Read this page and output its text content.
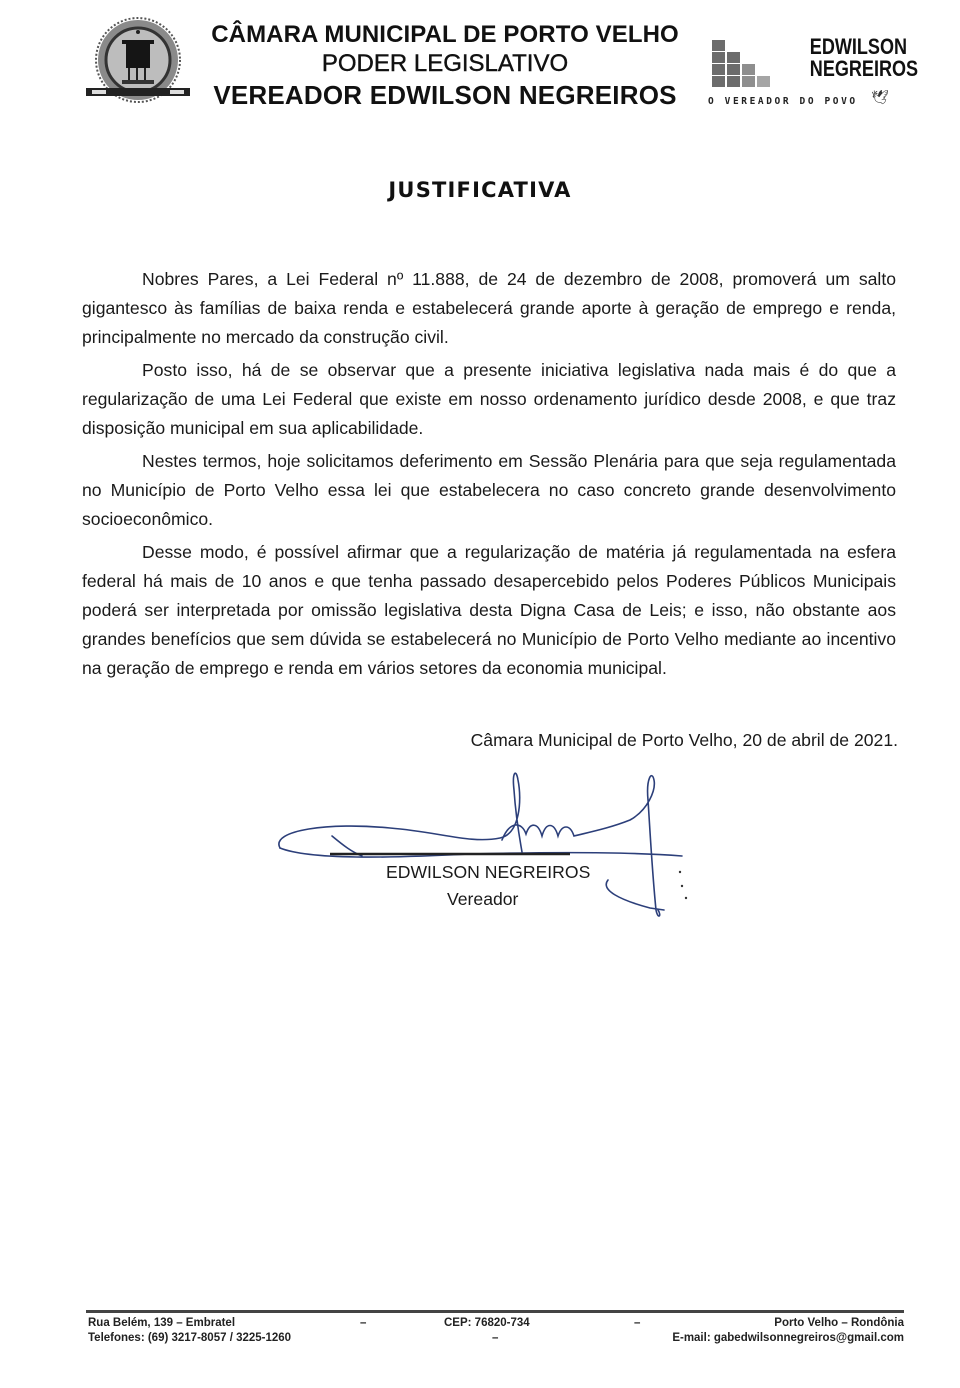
CÂMARA MUNICIPAL DE PORTO VELHO
PODER LEGISLATIVO
VEREADOR EDWILSON NEGREIROS
EDWILSON
NEGREIROS
O VEREADOR DO POVO 🕊
JUSTIFICATIVA

Nobres Pares, a Lei Federal nº 11.888, de 24 de dezembro de 2008, promoverá um salto gigantesco às famílias de baixa renda e estabelecerá grande aporte à geração de emprego e renda, principalmente no mercado da construção civil.

Posto isso, há de se observar que a presente iniciativa legislativa nada mais é do que a regularização de uma Lei Federal que existe em nosso ordenamento jurídico desde 2008, e que traz disposição municipal em sua aplicabilidade.

Nestes termos, hoje solicitamos deferimento em Sessão Plenária para que seja regulamentada no Município de Porto Velho essa lei que estabelecera no caso concreto grande desenvolvimento socioeconômico.

Desse modo, é possível afirmar que a regularização de matéria já regulamentada na esfera federal há mais de 10 anos e que tenha passado desapercebido pelos Poderes Públicos Municipais poderá ser interpretada por omissão legislativa desta Digna Casa de Leis; e isso, não obstante aos grandes benefícios que sem dúvida se estabelecerá no Município de Porto Velho mediante ao incentivo na geração de emprego e renda em vários setores da economia municipal.

Câmara Municipal de Porto Velho, 20 de abril de 2021.
EDWILSON NEGREIROS
Vereador
Rua Belém, 139 – Embratel	–	CEP: 76820-734	–	Porto Velho – Rondônia
Telefones: (69) 3217-8057 / 3225-1260	–	E-mail: gabedwilsonnegreiros@gmail.com
